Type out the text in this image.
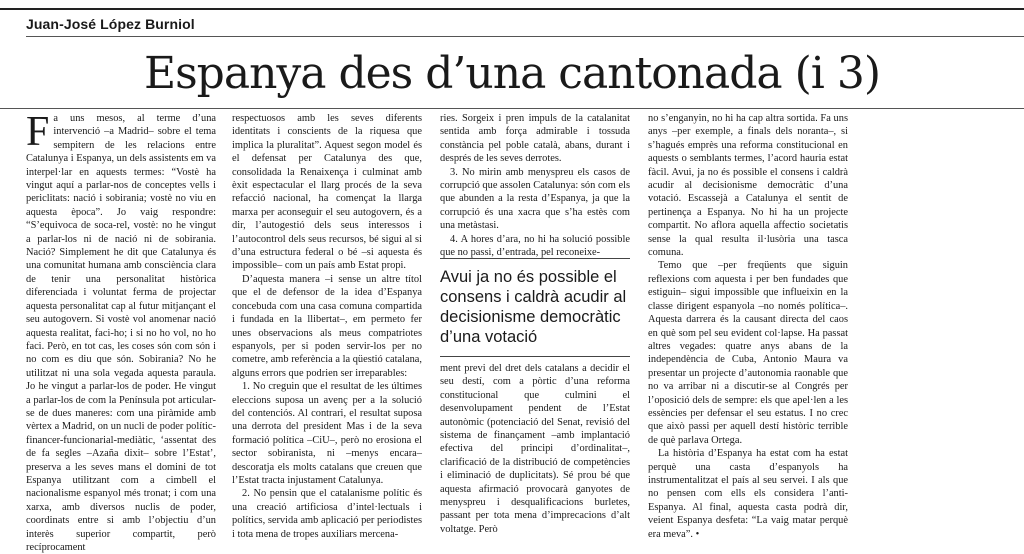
Juan-José López Burniol
Espanya des d’una cantonada (i 3)

Fa uns mesos, al terme d’una intervenció –a Madrid– sobre el tema sempitern de les relacions entre Catalunya i Espanya, un dels assistents em va interpel·lar en aquests termes: “Vostè ha vingut aquí a parlar-nos de conceptes vells i periclitats: nació i sobirania; vostè no viu en aquesta època”. Jo vaig respondre: “S’equivoca de soca-rel, vostè: no he vingut a parlar-los ni de nació ni de sobirania. Nació? Simplement he dit que Catalunya és una comunitat humana amb consciència clara de tenir una personalitat històrica diferenciada i voluntat ferma de projectar aquesta personalitat cap al futur mitjançant el seu autogovern. Si vostè vol anomenar nació aquesta realitat, faci-ho; i si no ho vol, no ho faci. Però, en tot cas, les coses són com són i no com es diu que són. Sobirania? No he utilitzat ni una sola vegada aquesta paraula. Jo he vingut a parlar-los de poder. He vingut a parlar-los de com la Península pot articular-se de dues maneres: com una piràmide amb vèrtex a Madrid, on un nucli de poder polític-financer-funcionarial-mediàtic, ‘assentat des de fa segles –Azaña dixit– sobre l’Estat’, preserva a les seves mans el domini de tot Espanya utilitzant com a cimbell el nacionalisme espanyol més tronat; i com una xarxa, amb diversos nuclis de poder, coordinats entre si amb l’objectiu d’un interès superior compartit, però recíprocament

respectuosos amb les seves diferents identitats i conscients de la riquesa que implica la pluralitat”. Aquest segon model és el defensat per Catalunya des que, consolidada la Renaixença i culminat amb èxit espectacular el llarg procés de la seva refacció nacional, ha començat la llarga marxa per aconseguir el seu autogovern, és a dir, l’autogestió dels seus interessos i l’autocontrol dels seus recursos, bé sigui al si d’una estructura federal o bé –si aquesta és impossible– com un país amb Estat propi.

D’aquesta manera –i sense un altre títol que el de defensor de la idea d’Espanya concebuda com una casa comuna compartida i fundada en la llibertat–, em permeto fer unes observacions als meus compatriotes espanyols, per si poden servir-los per no cometre, amb referència a la qüestió catalana, alguns errors que podrien ser irreparables:

1. No creguin que el resultat de les últimes eleccions suposa un avenç per a la solució del contenciós. Al contrari, el resultat suposa una derrota del president Mas i de la seva formació política –CiU–, però no erosiona el sector sobiranista, ni –menys encara– descoratja els molts catalans que creuen que l’Estat tracta injustament Catalunya.

2. No pensin que el catalanisme polític és una creació artificiosa d’intel·lectuals i polítics, servida amb aplicació per periodistes i tota mena de tropes auxiliars mercena-

ries. Sorgeix i pren impuls de la catalanitat sentida amb força admirable i tossuda constància pel poble català, abans, durant i després de les seves derrotes.

3. No mirin amb menyspreu els casos de corrupció que assolen Catalunya: són com els que abunden a la resta d’Espanya, ja que la corrupció és una xacra que s’ha estès com una metàstasi.

4. A hores d’ara, no hi ha solució possible que no passi, d’entrada, pel reconeixe-

Avui ja no és possible el consens i caldrà acudir al decisionisme democràtic d’una votació

ment previ del dret dels catalans a decidir el seu destí, com a pòrtic d’una reforma constitucional que culmini el desenvolupament pendent de l’Estat autonòmic (potenciació del Senat, revisió del sistema de finançament –amb implantació efectiva del principi d’ordinalitat–, clarificació de la distribució de competències i eliminació de duplicitats). Sé prou bé que aquesta afirmació provocarà ganyotes de menyspreu i desqualificacions burletes, passant per tota mena d’imprecacions d’alt voltatge. Però

no s’enganyin, no hi ha cap altra sortida. Fa uns anys –per exemple, a finals dels noranta–, si s’hagués emprès una reforma constitucional en aquests o semblants termes, l’acord hauria estat fàcil. Avui, ja no és possible el consens i caldrà acudir al decisionisme democràtic d’una votació. Escassejà a Catalunya el sentit de pertinença a Espanya. No hi ha un projecte compartit. No aflora aquella affectio societatis sense la qual resulta il·lusòria una tasca comuna.

Temo que –per freqüents que siguin reflexions com aquesta i per ben fundades que estiguin– sigui impossible que influeixin en la classe dirigent espanyola –no només política–. Aquesta darrera és la causant directa del caos en què som pel seu evident col·lapse. Ha passat altres vegades: quatre anys abans de la independència de Cuba, Antonio Maura va presentar un projecte d’autonomia raonable que no va arribar ni a discutir-se al Congrés per l’oposició dels de sempre: els que apel·len a les essències per defensar el seu estatus. I no crec que això passi per aquell destí històric terrible de què parlava Ortega.

La història d’Espanya ha estat com ha estat perquè una casta d’espanyols ha instrumentalitzat el país al seu servei. I als que no pensen com ells els considera l’anti-Espanya. Al final, aquesta casta podrà dir, veient Espanya desfeta: “La vaig matar perquè era meva”. •
